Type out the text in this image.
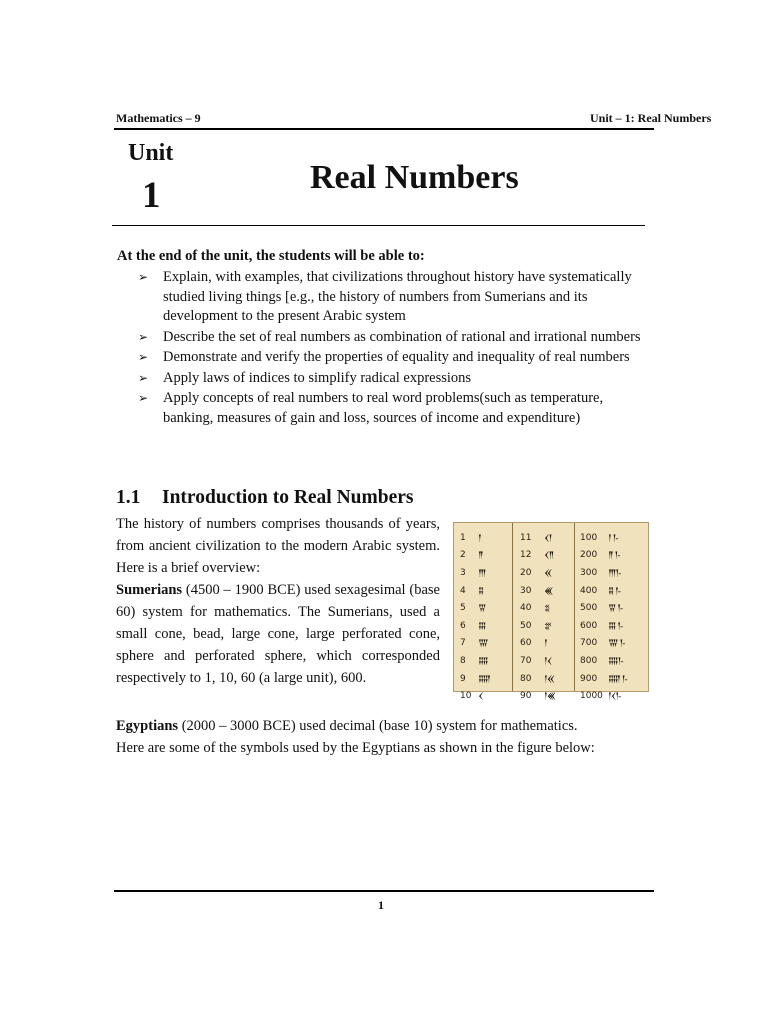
Mathematics – 9	Unit – 1: Real Numbers
Unit
1	Real Numbers
At the end of the unit, the students will be able to:
➢ Explain, with examples, that civilizations throughout history have systematically studied living things [e.g., the history of numbers from Sumerians and its development to the present Arabic system
➢ Describe the set of real numbers as combination of rational and irrational numbers
➢ Demonstrate and verify the properties of equality and inequality of real numbers
➢ Apply laws of indices to simplify radical expressions
➢ Apply concepts of real numbers to real word problems(such as temperature, banking, measures of gain and loss, sources of income and expenditure)
1.1 Introduction to Real Numbers

The history of numbers comprises thousands of years, from ancient civilization to the modern Arabic system. Here is a brief overview:

Sumerians (4500 – 1900 BCE) used sexagesimal (base 60) system for mathematics. The Sumerians, used a small cone, bead, large cone, large perforated cone, sphere and perforated sphere, which corresponded respectively to 1, 10, 60 (a large unit), 600.

1	𒁹
2	𒈫
3	𒐈
4	𒐉
5	𒐊
6	𒐋
7	𒐌
8	𒐍
9	𒐎
10 𒌋
11	𒌋𒁹
12	𒌋𒈫
20	𒎙
30	𒌍
40	𒐏
50	𒐐
60	𒁹
70	𒁹𒌋
80	𒁹𒎙
90	𒁹𒌍
100	𒁹 𒁹-
200	𒈫 𒁹-
300	𒐈𒁹-
400	𒐉 𒁹-
500	𒐊 𒁹-
600	𒐋 𒁹-
700	𒐌 𒁹-
800	𒐍𒁹-
900	𒐎 𒁹-
1000 𒁹𒌋𒁹-

Egyptians (2000 – 3000 BCE) used decimal (base 10) system for mathematics.

Here are some of the symbols used by the Egyptians as shown in the figure below:

1
